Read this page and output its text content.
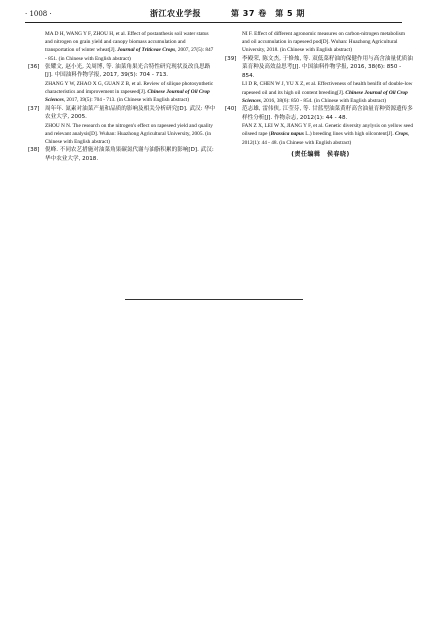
· 1008 ·	浙江农业学报	第 37 卷　第 5 期
MA D H, WANG Y F, ZHOU H, et al. Effect of postanthesis soil water status and nitrogen on grain yield and canopy biomass accumulation and transportation of winter wheat[J]. Journal of Triticeae Crops, 2007, 27(5): 847 - 851. (in Chinese with English abstract)
[36] 张耀文, 赵小光, 关周博, 等. 油菜角果光合特性研究现状及改良思路[J]. 中国油料作物学报, 2017, 39(5): 704 - 713.
ZHANG Y W, ZHAO X G, GUAN Z B, et al. Review of silique photosynthetic characteristics and improvement in rapeseed[J]. Chinese Journal of Oil Crop Sciences, 2017, 39(5): 704 - 713. (in Chinese with English abstract)
[37] 周年年. 氮素对油菜产量和品质的影响及相关分析研究[D]. 武汉: 华中农业大学, 2005.
ZHOU N N. The research on the nitrogen's effect on rapeseed yield and quality and relevant analysis[D]. Wuhan: Huazhong Agricultural University, 2005. (in Chinese with English abstract)
[38] 倪峰. 不同农艺措施对油菜角果碳氮代谢与油脂积累的影响[D]. 武汉: 华中农业大学, 2018.
NI F. Effect of different agronomic measures on carbon-nitrogen metabolism and oil accumulation in rapeseed pod[D]. Wuhan: Huazhong Agricultural University, 2018. (in Chinese with English abstract)
[39] 李殿荣, 陈文杰, 于修烛, 等. 双低菜籽油的保健作用与高含油量优质油菜育种及高效益思考[J]. 中国油料作物学报, 2016, 38(6): 850 - 854.
LI D R, CHEN W J, YU X Z, et al. Effectiveness of health benifit of double-low rapeseed oil and its high oil content breeding[J]. Chinese Journal of Oil Crop Sciences, 2016, 38(6): 850 - 854. (in Chinese with English abstract)
[40] 范志雄, 雷伟侠, 江莹芬, 等. 甘蓝型油菜黄籽高含油量育种资源遗传多样性分析[J]. 作物杂志, 2012(1): 44 - 48.
FAN Z X, LEI W X, JIANG Y F, et al. Genetic diversity anylysis on yellow seed oilseed rape (Brassica napus L.) breeding lines with high oilcontent[J]. Crops, 2012(1): 44 - 48. (in Chinese with English abstract)
(责任编辑　侯春晓)
